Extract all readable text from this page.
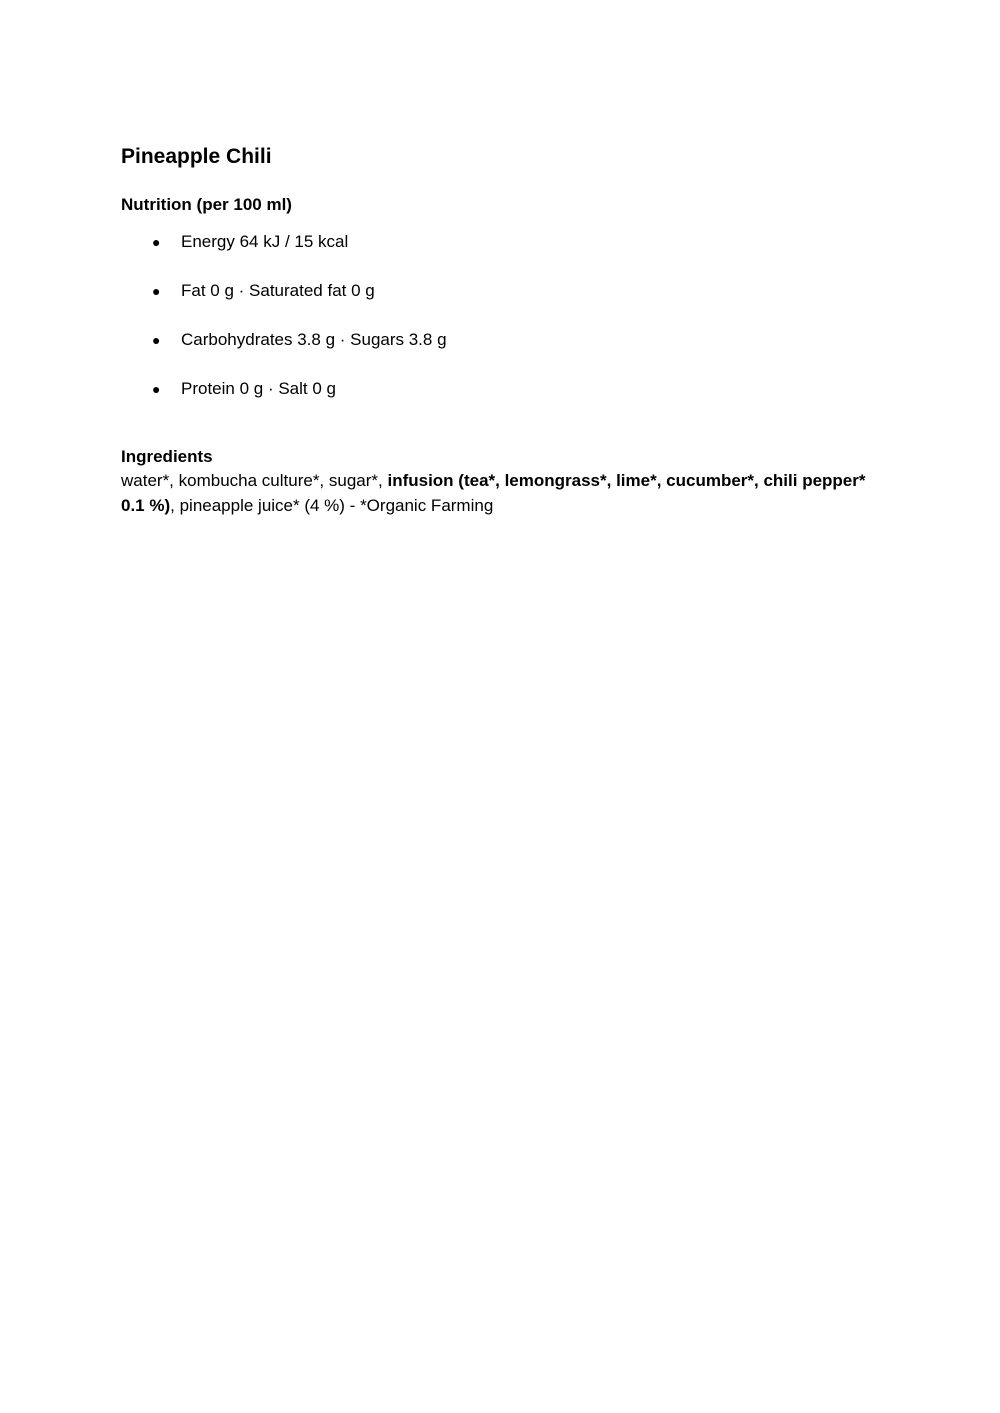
Pineapple Chili
Nutrition (per 100 ml)
● Energy 64 kJ / 15 kcal
● Fat 0 g · Saturated fat 0 g
● Carbohydrates 3.8 g · Sugars 3.8 g
● Protein 0 g · Salt 0 g
Ingredients

water*, kombucha culture*, sugar*, infusion (tea*, lemongrass*, lime*, cucumber*, chili pepper* 0.1 %), pineapple juice* (4 %) - *Organic Farming
